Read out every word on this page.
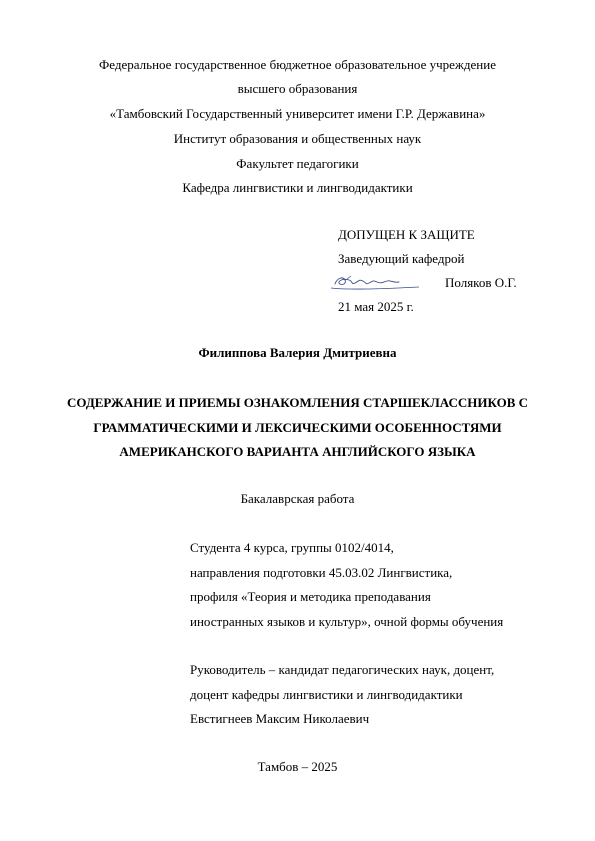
Федеральное государственное бюджетное образовательное учреждение
высшего образования
«Тамбовский Государственный университет имени Г.Р. Державина»
Институт образования и общественных наук
Факультет педагогики
Кафедра лингвистики и лингводидактики
ДОПУЩЕН К ЗАЩИТЕ
Заведующий кафедрой
Поляков О.Г.
21 мая 2025 г.
Филиппова Валерия Дмитриевна
СОДЕРЖАНИЕ И ПРИЕМЫ ОЗНАКОМЛЕНИЯ СТАРШЕКЛАССНИКОВ С
ГРАММАТИЧЕСКИМИ И ЛЕКСИЧЕСКИМИ ОСОБЕННОСТЯМИ
АМЕРИКАНСКОГО ВАРИАНТА АНГЛИЙСКОГО ЯЗЫКА
Бакалаврская работа
Студента 4 курса, группы 0102/4014,
направления подготовки 45.03.02 Лингвистика,
профиля «Теория и методика преподавания
иностранных языков и культур», очной формы обучения
Руководитель – кандидат педагогических наук, доцент,
доцент кафедры лингвистики и лингводидактики
Евстигнеев Максим Николаевич
Тамбов – 2025
